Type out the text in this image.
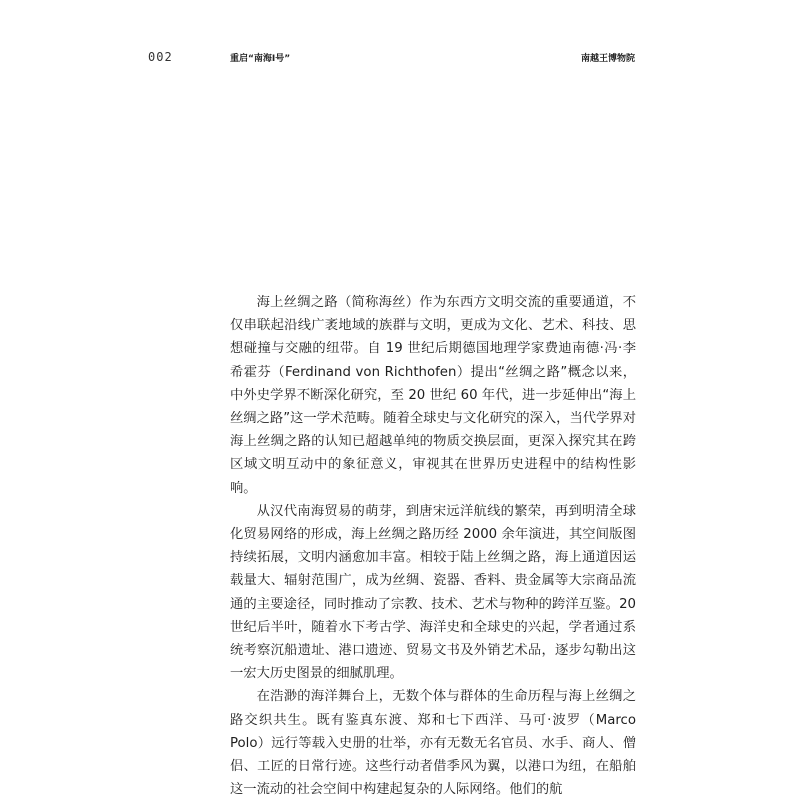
002	重启“南海Ⅰ号”	南越王博物院

海上丝绸之路（简称海丝）作为东西方文明交流的重要通道，不仅串联起沿线广袤地域的族群与文明，更成为文化、艺术、科技、思想碰撞与交融的纽带。自 19 世纪后期德国地理学家费迪南德·冯·李希霍芬（Ferdinand von Richthofen）提出“丝绸之路”概念以来，中外史学界不断深化研究，至 20 世纪 60 年代，进一步延伸出“海上丝绸之路”这一学术范畴。随着全球史与文化研究的深入，当代学界对海上丝绸之路的认知已超越单纯的物质交换层面，更深入探究其在跨区域文明互动中的象征意义，审视其在世界历史进程中的结构性影响。

从汉代南海贸易的萌芽，到唐宋远洋航线的繁荣，再到明清全球化贸易网络的形成，海上丝绸之路历经 2000 余年演进，其空间版图持续拓展，文明内涵愈加丰富。相较于陆上丝绸之路，海上通道因运载量大、辐射范围广，成为丝绸、瓷器、香料、贵金属等大宗商品流通的主要途径，同时推动了宗教、技术、艺术与物种的跨洋互鉴。20 世纪后半叶，随着水下考古学、海洋史和全球史的兴起，学者通过系统考察沉船遗址、港口遗迹、贸易文书及外销艺术品，逐步勾勒出这一宏大历史图景的细腻肌理。

在浩渺的海洋舞台上，无数个体与群体的生命历程与海上丝绸之路交织共生。既有鉴真东渡、郑和七下西洋、马可·波罗（Marco Polo）远行等载入史册的壮举，亦有无数无名官员、水手、商人、僧侣、工匠的日常行迹。这些行动者借季风为翼，以港口为纽，在船舶这一流动的社会空间中构建起复杂的人际网络。他们的航
